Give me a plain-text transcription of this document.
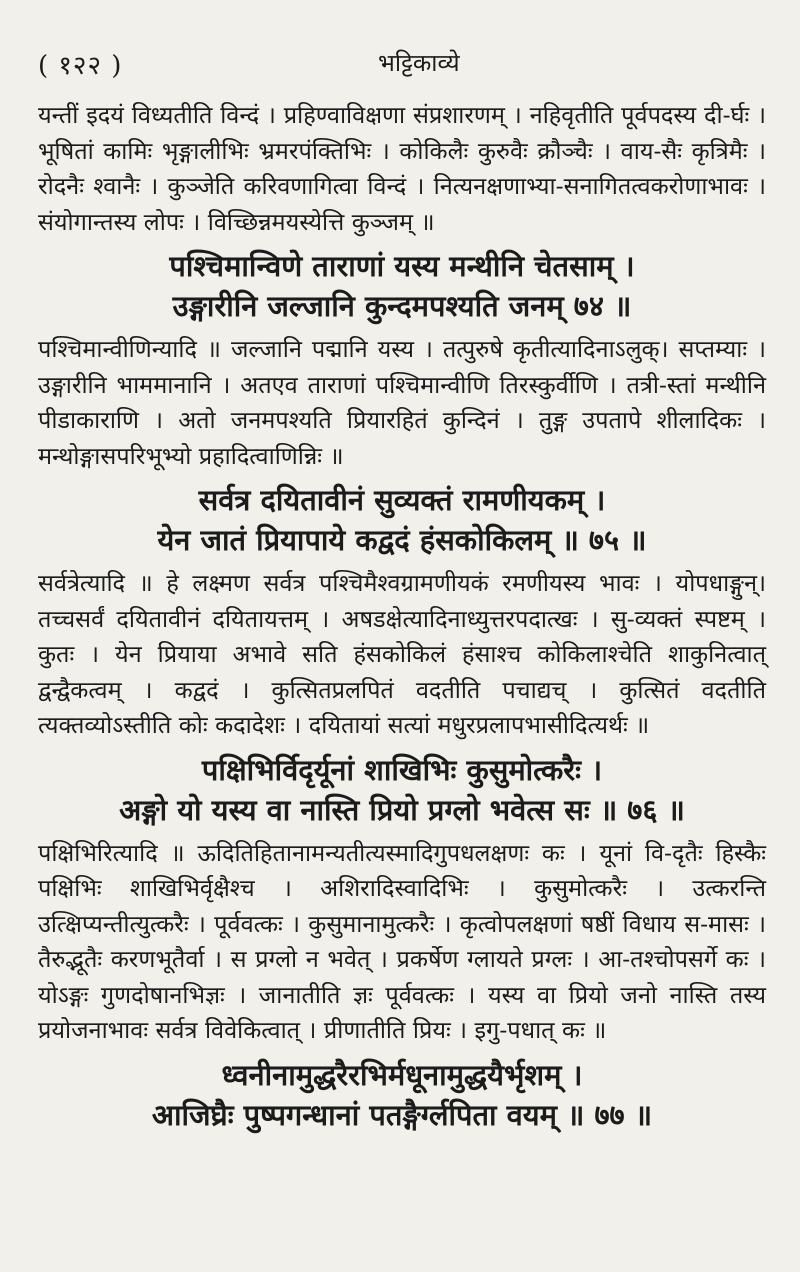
( १२२ )	भट्टिकाव्ये

यन्तीं इदयं विध्यतीति विन्दं । प्रहिण्वाविक्षणा संप्रशारणम् । नहिवृतीति पूर्वपदस्य दी-र्घः । भूषितां कामिः भृङ्गालीभिः भ्रमरपंक्तिभिः । कोकिलैः कुरुवैः क्रौञ्चैः । वाय-सैः कृत्रिमैः । रोदनैः श्वानैः । कुञ्जेति करिवणागित्वा विन्दं । नित्यनक्षणाभ्या-सनागितत्वकरोणाभावः । संयोगान्तस्य लोपः । विच्छिन्नमयस्येत्ति कुञ्जम् ॥

पश्चिमान्विणे ताराणां यस्य मन्थीनि चेतसाम् ।
उङ्गारीनि जल्जानि कुन्दमपश्यति जनम् ७४ ॥

पश्चिमान्वीणिन्यादि ॥ जल्जानि पद्मानि यस्य । तत्पुरुषे कृतीत्यादिनाऽलुक्। सप्तम्याः । उङ्गारीनि भाममानानि । अतएव ताराणां पश्चिमान्वीणि तिरस्कुर्वीणि । तत्री-स्तां मन्थीनि पीडाकाराणि । अतो जनमपश्यति प्रियारहितं कुन्दिनं । तुङ्ग उपतापे शीलादिकः । मन्थोङ्गासपरिभूभ्यो प्रहादित्वाणिन्निः ॥

सर्वत्र दयितावीनं सुव्यक्तं रामणीयकम् ।
येन जातं प्रियापाये कद्वदं हंसकोकिलम् ॥ ७५ ॥

सर्वत्रेत्यादि ॥ हे लक्ष्मण सर्वत्र पश्चिमैश्वग्रामणीयकं रमणीयस्य भावः । योपधाङ्गुन्। तच्चसर्वं दयितावीनं दयितायत्तम् । अषडक्षेत्यादिनाध्युत्तरपदात्खः । सु-व्यक्तं स्पष्टम् । कुतः । येन प्रियाया अभावे सति हंसकोकिलं हंसाश्च कोकिलाश्चेति शाकुनित्वात् द्वन्द्वैकत्वम् । कद्वदं । कुत्सितप्रलपितं वदतीति पचाद्यच् । कुत्सितं वदतीति त्यक्तव्योऽस्तीति कोः कदादेशः । दयितायां सत्यां मधुरप्रलापभासीदित्यर्थः ॥

पक्षिभिर्विदृर्यूनां शाखिभिः कुसुमोत्करैः ।
अङ्गो यो यस्य वा नास्ति प्रियो प्रग्लो भवेत्स सः ॥ ७६ ॥

पक्षिभिरित्यादि ॥ ऊदितिहितानामन्यतीत्यस्मादिगुपधलक्षणः कः । यूनां वि-दृतैः हिस्कैः पक्षिभिः शाखिभिर्वृक्षैश्च । अशिरादिस्वादिभिः । कुसुमोत्करैः । उत्करन्ति उत्क्षिप्यन्तीत्युत्करैः । पूर्ववत्कः । कुसुमानामुत्करैः । कृत्वोपलक्षणां षष्ठीं विधाय स-मासः । तैरुद्भूतैः करणभूतैर्वा । स प्रग्लो न भवेत् । प्रकर्षेण ग्लायते प्रग्लः । आ-तश्चोपसर्गे कः । योऽङ्गः गुणदोषानभिज्ञः । जानातीति ज्ञः पूर्ववत्कः । यस्य वा प्रियो जनो नास्ति तस्य प्रयोजनाभावः सर्वत्र विवेकित्वात् । प्रीणातीति प्रियः । इगु-पधात् कः ॥

ध्वनीनामुद्धरैरभिर्मधूनामुद्धयैर्भृशम् ।
आजिघ्रैः पुष्पगन्धानां पतङ्गैर्ग्लपिता वयम् ॥ ७७ ॥
